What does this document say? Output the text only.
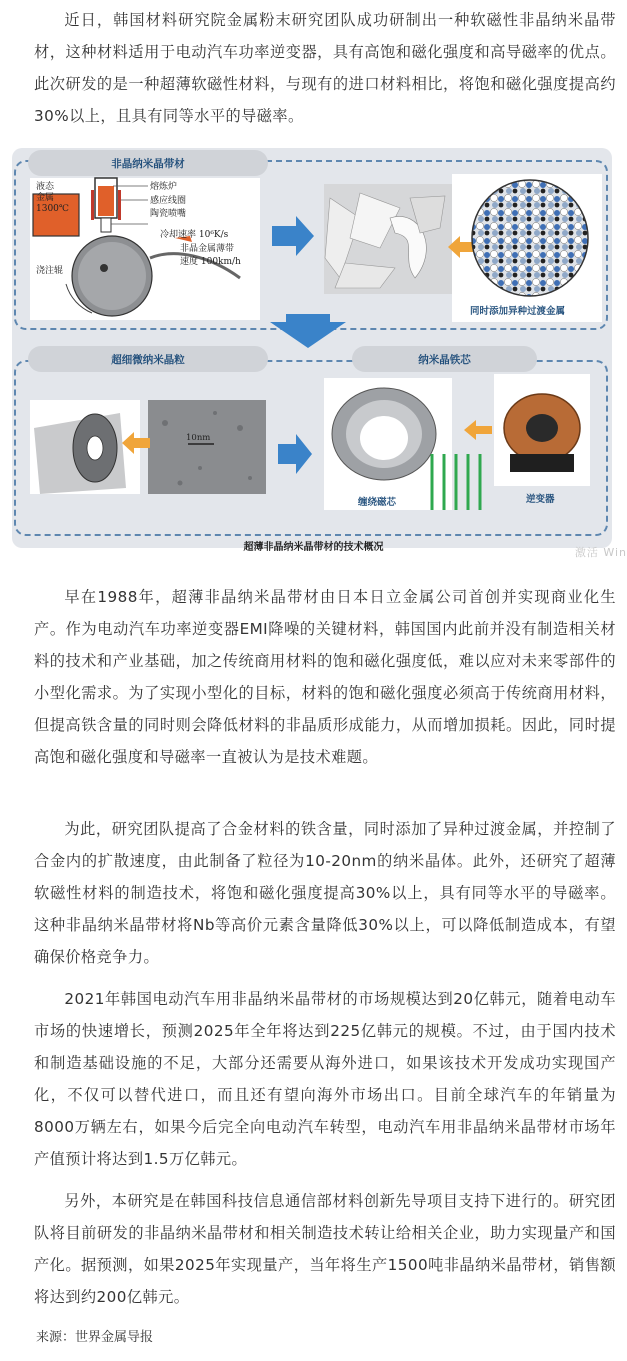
近日，韩国材料研究院金属粉末研究团队成功研制出一种软磁性非晶纳米晶带材，这种材料适用于电动汽车功率逆变器，具有高饱和磁化强度和高导磁率的优点。此次研发的是一种超薄软磁性材料，与现有的进口材料相比，将饱和磁化强度提高约30%以上，且具有同等水平的导磁率。

非晶纳米晶带材
超细微纳米晶粒	纳米晶铁芯
液态
金属
1300℃
熔炼炉
感应线圈
陶瓷喷嘴
冷却速率 10⁶K/s
非晶金属薄带
速度 100km/h
浇注辊
同时添加异种过渡金属
10nm
缠绕磁芯	逆变器
超薄非晶纳米晶带材的技术概况	激活 Win

早在1988年，超薄非晶纳米晶带材由日本日立金属公司首创并实现商业化生产。作为电动汽车功率逆变器EMI降噪的关键材料，韩国国内此前并没有制造相关材料的技术和产业基础，加之传统商用材料的饱和磁化强度低，难以应对未来零部件的小型化需求。为了实现小型化的目标，材料的饱和磁化强度必须高于传统商用材料，但提高铁含量的同时则会降低材料的非晶质形成能力，从而增加损耗。因此，同时提高饱和磁化强度和导磁率一直被认为是技术难题。

为此，研究团队提高了合金材料的铁含量，同时添加了异种过渡金属，并控制了合金内的扩散速度，由此制备了粒径为10-20nm的纳米晶体。此外，还研究了超薄软磁性材料的制造技术，将饱和磁化强度提高30%以上，具有同等水平的导磁率。这种非晶纳米晶带材将Nb等高价元素含量降低30%以上，可以降低制造成本，有望确保价格竞争力。

2021年韩国电动汽车用非晶纳米晶带材的市场规模达到20亿韩元，随着电动车市场的快速增长，预测2025年全年将达到225亿韩元的规模。不过，由于国内技术和制造基础设施的不足，大部分还需要从海外进口，如果该技术开发成功实现国产化，不仅可以替代进口，而且还有望向海外市场出口。目前全球汽车的年销量为8000万辆左右，如果今后完全向电动汽车转型，电动汽车用非晶纳米晶带材市场年产值预计将达到1.5万亿韩元。

另外，本研究是在韩国科技信息通信部材料创新先导项目支持下进行的。研究团队将目前研发的非晶纳米晶带材和相关制造技术转让给相关企业，助力实现量产和国产化。据预测，如果2025年实现量产，当年将生产1500吨非晶纳米晶带材，销售额将达到约200亿韩元。

来源：世界金属导报
